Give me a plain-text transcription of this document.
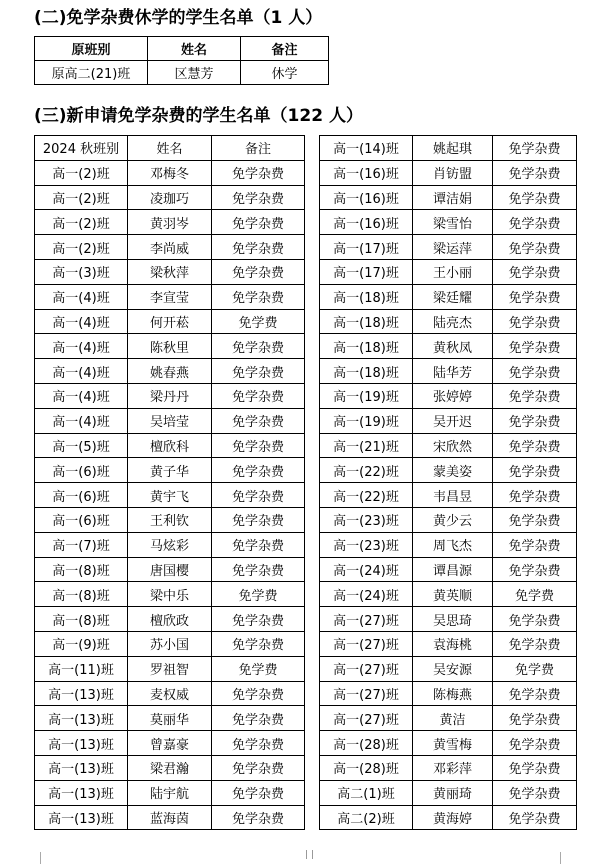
(二)免学杂费休学的学生名单（1 人）
原班别	姓名	备注
原高二(21)班	区慧芳	休学
(三)新申请免学杂费的学生名单（122 人）
2024 秋班别	姓名	备注
高一(2)班	邓梅冬	免学杂费
高一(2)班	凌珈巧	免学杂费
高一(2)班	黄羽岑	免学杂费
高一(2)班	李尚威	免学杂费
高一(3)班	梁秋萍	免学杂费
高一(4)班	李宣莹	免学杂费
高一(4)班	何开菘	免学费
高一(4)班	陈秋里	免学杂费
高一(4)班	姚春燕	免学杂费
高一(4)班	梁丹丹	免学杂费
高一(4)班	吴培莹	免学杂费
高一(5)班	檀欣科	免学杂费
高一(6)班	黄子华	免学杂费
高一(6)班	黄宇飞	免学杂费
高一(6)班	王利钦	免学杂费
高一(7)班	马炫彩	免学杂费
高一(8)班	唐国樱	免学杂费
高一(8)班	梁中乐	免学费
高一(8)班	檀欣政	免学杂费
高一(9)班	苏小国	免学杂费
高一(11)班	罗祖智	免学费
高一(13)班	麦权威	免学杂费
高一(13)班	莫丽华	免学杂费
高一(13)班	曾嘉豪	免学杂费
高一(13)班	梁君瀚	免学杂费
高一(13)班	陆宇航	免学杂费
高一(13)班	蓝海茵	免学杂费
高一(14)班	姚起琪	免学杂费
高一(16)班	肖钫盟	免学杂费
高一(16)班	谭洁娟	免学杂费
高一(16)班	梁雪怡	免学杂费
高一(17)班	梁运萍	免学杂费
高一(17)班	王小丽	免学杂费
高一(18)班	梁廷耀	免学杂费
高一(18)班	陆亮杰	免学杂费
高一(18)班	黄秋凤	免学杂费
高一(18)班	陆华芳	免学杂费
高一(19)班	张婷婷	免学杂费
高一(19)班	吴开迟	免学杂费
高一(21)班	宋欣然	免学杂费
高一(22)班	蒙美姿	免学杂费
高一(22)班	韦昌昱	免学杂费
高一(23)班	黄少云	免学杂费
高一(23)班	周飞杰	免学杂费
高一(24)班	谭昌源	免学杂费
高一(24)班	黄英顺	免学费
高一(27)班	吴思琦	免学杂费
高一(27)班	袁海桃	免学杂费
高一(27)班	吴安源	免学费
高一(27)班	陈梅燕	免学杂费
高一(27)班	黄洁	免学杂费
高一(28)班	黄雪梅	免学杂费
高一(28)班	邓彩萍	免学杂费
高二(1)班	黄丽琦	免学杂费
高二(2)班	黄海婷	免学杂费
